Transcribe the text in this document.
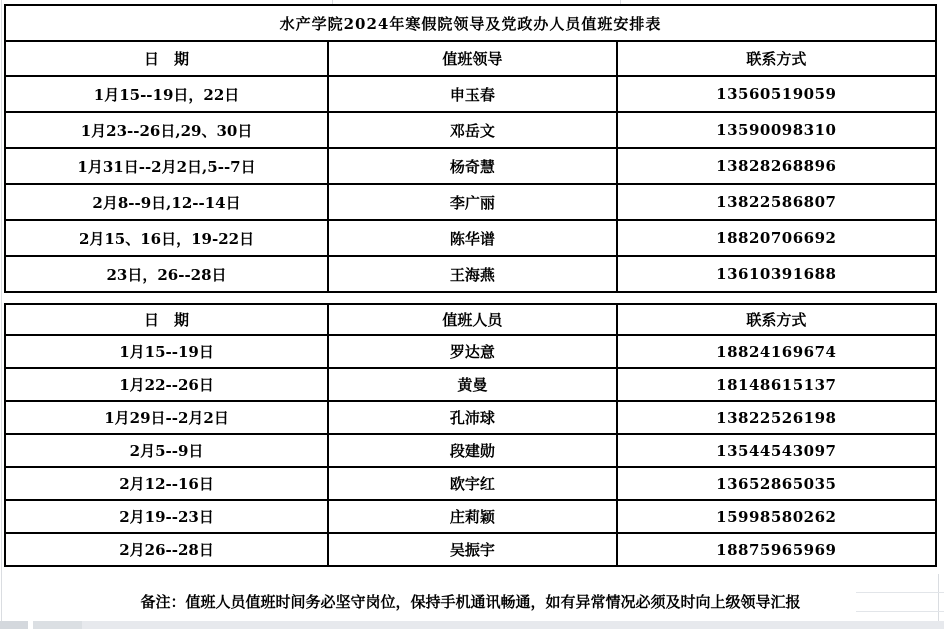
水产学院2024年寒假院领导及党政办人员值班安排表		
日　期	值班领导	联系方式
1月15--19日，22日	申玉春	13560519059
1月23--26日,29、30日	邓岳文	13590098310
1月31日--2月2日,5--7日	杨奇慧	13828268896
2月8--9日,12--14日	李广丽	13822586807
2月15、16日，19-22日	陈华谱	18820706692
23日，26--28日	王海燕	13610391688
日　期	值班人员	联系方式
1月15--19日	罗达意	18824169674
1月22--26日	黄曼	18148615137
1月29日--2月2日	孔沛球	13822526198
2月5--9日	段建勋	13544543097
2月12--16日	欧宇红	13652865035
2月19--23日	庄莉颖	15998580262
2月26--28日	吴振宇	18875965969
备注：值班人员值班时间务必坚守岗位，保持手机通讯畅通，如有异常情况必须及时向上级领导汇报
